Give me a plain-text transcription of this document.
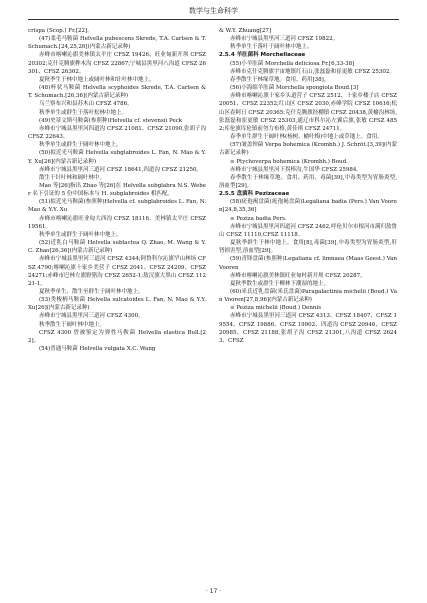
数学与生命科学

crispa (Scop.) Fr.[22]。

(47)柔毛马鞍菌 Helvella pubescens Skrede, T.A. Carlsen & T. Schumach.[24,25,26](内蒙古新记录种)

赤峰市喀喇沁旗美林镇太平庄 CFSZ 19426、旺业甸新开坝 CFSZ 20302;克什克腾旗桦木沟 CFSZ 22867;宁城县黑里河八沟道 CFSZ 26301、CFSZ 26302。

夏秋季生于林中地上或阔叶林和针叶林中地上。

(48)杯状马鞍菌 Helvella scyphoides Skrede, T.A. Carlsen & T. Schumach.[26,36](内蒙古新记录种)

乌兰察布兴和县苏木山 CFSZ 4786。

秋季单生或群生于落叶松林中地上。

(49)史蒂文斯马鞍菌(参照种)Helvella cf. stevensii Peck

赤峰市宁城县黑里河四道沟 CFSZ 21081、CFSZ 21090,张胡子沟 CFSZ 22643。

秋季单生或群生于阔叶林中地上。

(50)拟近光马鞍菌 Helvella subglabroides L. Fan, N. Mao & Y.Y. Xu[26](内蒙古新记录种)

赤峰市宁城县黑里河三道河 CFSZ 18641,四道沟 CFSZ 21250。

散生于针叶林和阔叶林中。

Mao 等[26]指出 Zhao 等[26]在 Helvella subglabra N.S. Weber 名下引证的 5 份中国标本与 H. subglabroides 相匹配。

(51)拟近光马鞍菌(参照种)Helvella cf. subglabroides L. Fan, N. Mao & Y.Y. Xu

赤峰市喀喇沁旗旺业甸大西沟 CFSZ 18116、美林镇太平庄 CFSZ 19561。

秋季单生或群生于阔叶林中地上。

(52)近乳白马鞍菌 Helvella sublactea Q. Zhao, M. Wang & Y.C. Zhao[26,36](内蒙古新记录种)

赤峰市宁城县黑里河三道河 CFSZ 4344;阿鲁科尔沁旗罕山林场 CFSZ 4790;喀喇沁旗十家乡美营子 CFSZ 2041、CFSZ 24209、CFSZ 24271;赤峰市巴林左旗野猪沟 CFSZ 2652-1;敖汉旗大黑山 CFSZ 11221-1。

夏秋季单生、散生至群生于阔叶林中地上。

(53)类梭柄马鞍菌 Helvella sulcatoides L. Fan, N. Mao & Y.Y. Xu[26](内蒙古新记录种)

赤峰市宁城县黑里河三道河 CFSZ 4300。

秋季散生于阔叶林中地上。

CFSZ 4300 曾被鉴定为弹性马鞍菌 Helvella elastica Bull.[22]。

(54)普通马鞍菌 Helvella vulgata X.C. Wang

& W.Y. Zhuang[27]

赤峰市宁城县黑里河三道河 CFSZ 19822。

秋季单生于落叶于阔叶林中地上。

2.5.4 羊肚菌科 Morchellaceae

(55)小羊肚菌 Morchella deliciosa Fr.[6,33-38]

赤峰市克什克腾旗宇宙地镇红石山,张磊磊和崔更敏 CFSZ 25302。

春季散生于林缘草地。食用、药用[38]。

(56)小海绵羊肚菌 Morchella spongiola Boud.[3]

赤峰市喀喇沁旗十家乡头道营子 CFSZ 2512、十家乡楼子店 CFSZ 20051、CFSZ 22352;红山区 CFSZ 2030,赤峰学院 CFSZ 10616;松山区春阿日 CFSZ 20365;克什克腾旗经棚镇 CFSZ 20438,黄榆沟林场,张磊磊和崔更敏 CFSZ 25303,通辽市科尔沁左翼后旗,张敏 CFSZ 4852;库伦旗库伦镇前勿力布格,黄佳琪 CFSZ 24711。

春季单生群生于阔叶林(杨树、榆叶梅)中地上或草地上。食用。

(57)皱盖钟菌 Verpa bohemica (Krombh.) J. Schröt.[3,39](内蒙古新记录种)

≡ Ptychoverpa bohemica (Krombh.) Boud.

赤峰市宁城县黑里河下拐棒沟,牛国华 CFSZ 25984。

春季散生于林缘草地。食用、药用、毒菌[39],中毒类型为胃肠炎型,溶血型[29]。

2.5.5 盘菌科 Pezizaceae

(58)疣孢褐盘菌(疣孢褐盘菌)Legaliana badia (Pers.) Van Vooren[24,8,35,36]

≡ Peziza badia Pers.

赤峰市宁城县黑里河四道河 CFSZ 2462,呼伦贝尔市根河市满归敖鲁山 CFSZ 11110,CFSZ 11118。

夏秋季群生于林中地上。食用[8],毒菌[39],中毒类型为胃肠炎型,肝肾损害型,溶血型[29]。

(59)青锋盘菌(参照种)Legaliana cf. limnaea (Maas Geest.) Van Vooren

赤峰市喀喇沁旗美林镇旺业甸村新开坝 CFSZ 20287。

夏秋季散生或群生于柳林下潮湿的地上。

(60)米氏近乳盘菌(米氏盘菌)Paragalactinia michelii (Boud.) Van Vooren[27,8,96](内蒙古新记录种)

≡ Peziza michelii (Boud.) Dennis

赤峰市宁城县黑里河三道河 CFSZ 4313、CFSZ 18407、CFSZ 19554、CFSZ 19886、CFSZ 19902、四道沟 CFSZ 20946、CFSZ 20985、CFSZ 21188,张胡子沟 CFSZ 21301,八沟道 CFSZ 26243、CFSZ

· 17 ·
